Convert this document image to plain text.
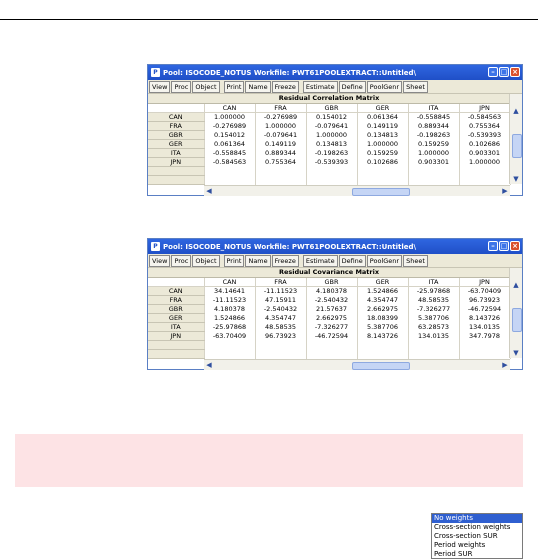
P Pool: ISOCODE_NOTUS Workfile: PWT61POOLEXTRACT::Untitled\	– □ ×
View	Proc	Object	Print	Name	Freeze	Estimate	Define	PoolGenr	Sheet
Residual Correlation Matrix
	CAN	FRA	GBR	GER	ITA	JPN
CAN	1.000000	-0.276989	0.154012	0.061364	-0.558845	-0.584563
FRA	-0.276989	1.000000	-0.079641	0.149119	0.889344	0.755364
GBR	0.154012	-0.079641	1.000000	0.134813	-0.198263	-0.539393
GER	0.061364	0.149119	0.134813	1.000000	0.159259	0.102686
ITA	-0.558845	0.889344	-0.198263	0.159259	1.000000	0.903301
JPN	-0.584563	0.755364	-0.539393	0.102686	0.903301	1.000000

▲
▼
◀	▶
P Pool: ISOCODE_NOTUS Workfile: PWT61POOLEXTRACT::Untitled\	– □ ×
View	Proc	Object	Print	Name	Freeze	Estimate	Define	PoolGenr	Sheet
Residual Covariance Matrix
	CAN	FRA	GBR	GER	ITA	JPN
CAN	34.14641	-11.11523	4.180378	1.524866	-25.97868	-63.70409
FRA	-11.11523	47.15911	-2.540432	4.354747	48.58535	96.73923
GBR	4.180378	-2.540432	21.57637	2.662975	-7.326277	-46.72594
GER	1.524866	4.354747	2.662975	18.08399	5.387706	8.143726
ITA	-25.97868	48.58535	-7.326277	5.387706	63.28573	134.0135
JPN	-63.70409	96.73923	-46.72594	8.143726	134.0135	347.7978

▲
▼
◀	▶
No weights
Cross-section weights
Cross-section SUR
Period weights
Period SUR
